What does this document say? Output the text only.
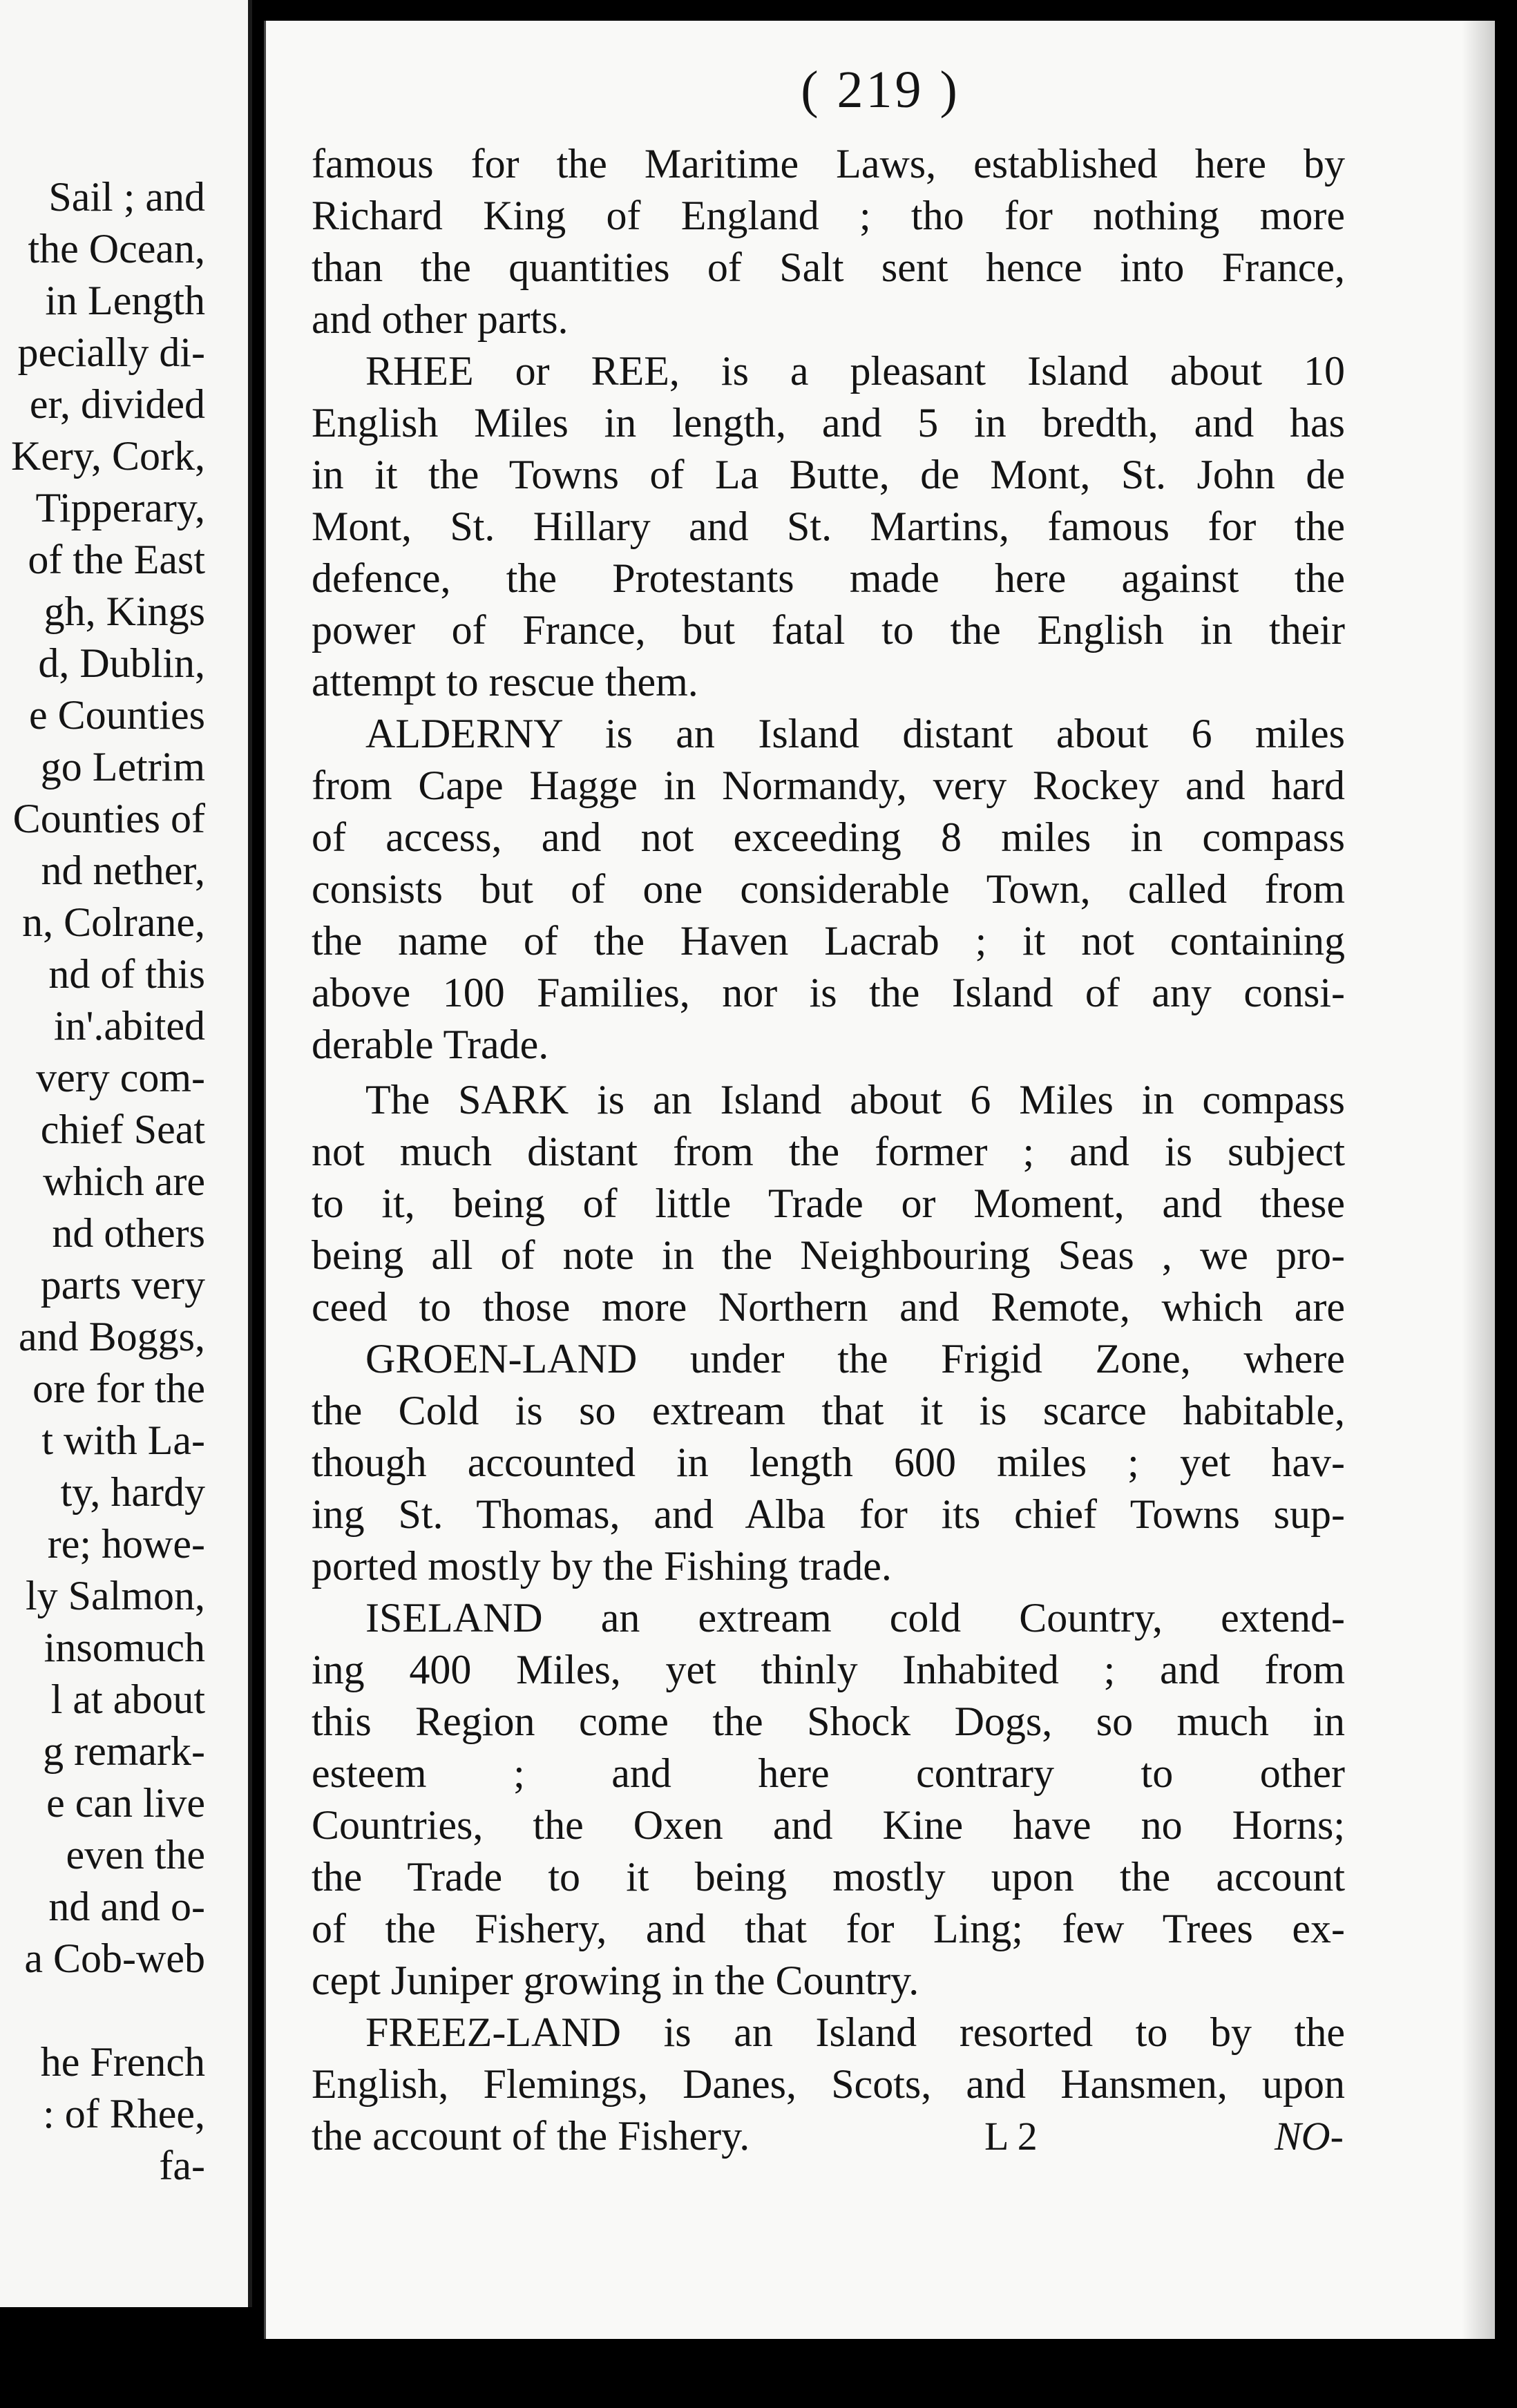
Sail ; and
the Ocean,
in Length
pecially di-
er, divided
Kery, Cork,
Tipperary,
of the East
gh, Kings
d, Dublin,
e Counties
go Letrim
Counties of
nd nether,
n, Colrane,
nd of this
in'.abited
very com-
chief Seat
which are
nd others
parts very
and Boggs,
ore for the
t with La-
ty, hardy
re; howe-
ly Salmon,
insomuch
l at about
g remark-
e can live
even the
nd and o-
a Cob-web
he French
: of Rhee,
fa-
( 219 )
famous for the Maritime Laws, established here by
Richard King of England ; tho for nothing more
than the quantities of Salt sent hence into France,
and other parts.
RHEE or REE, is a pleasant Island about 10
English Miles in length, and 5 in bredth, and has
in it the Towns of La Butte, de Mont, St. John de
Mont, St. Hillary and St. Martins, famous for the
defence, the Protestants made here against the
power of France, but fatal to the English in their
attempt to rescue them.
ALDERNY is an Island distant about 6 miles
from Cape Hagge in Normandy, very Rockey and hard
of access, and not exceeding 8 miles in compass
consists but of one considerable Town, called from
the name of the Haven Lacrab ; it not containing
above 100 Families, nor is the Island of any consi-
derable Trade.
The SARK is an Island about 6 Miles in compass
not much distant from the former ; and is subject
to it, being of little Trade or Moment, and these
being all of note in the Neighbouring Seas , we pro-
ceed to those more Northern and Remote, which are
GROEN-LAND under the Frigid Zone, where
the Cold is so extream that it is scarce habitable,
though accounted in length 600 miles ; yet hav-
ing St. Thomas, and Alba for its chief Towns sup-
ported mostly by the Fishing trade.
ISELAND an extream cold Country, extend-
ing 400 Miles, yet thinly Inhabited ; and from
this Region come the Shock Dogs, so much in
esteem ; and here contrary to other
Countries, the Oxen and Kine have no Horns;
the Trade to it being mostly upon the account
of the Fishery, and that for Ling; few Trees ex-
cept Juniper growing in the Country.
FREEZ-LAND is an Island resorted to by the
English, Flemings, Danes, Scots, and Hansmen, upon
the account of the Fishery.	L 2	NO-
